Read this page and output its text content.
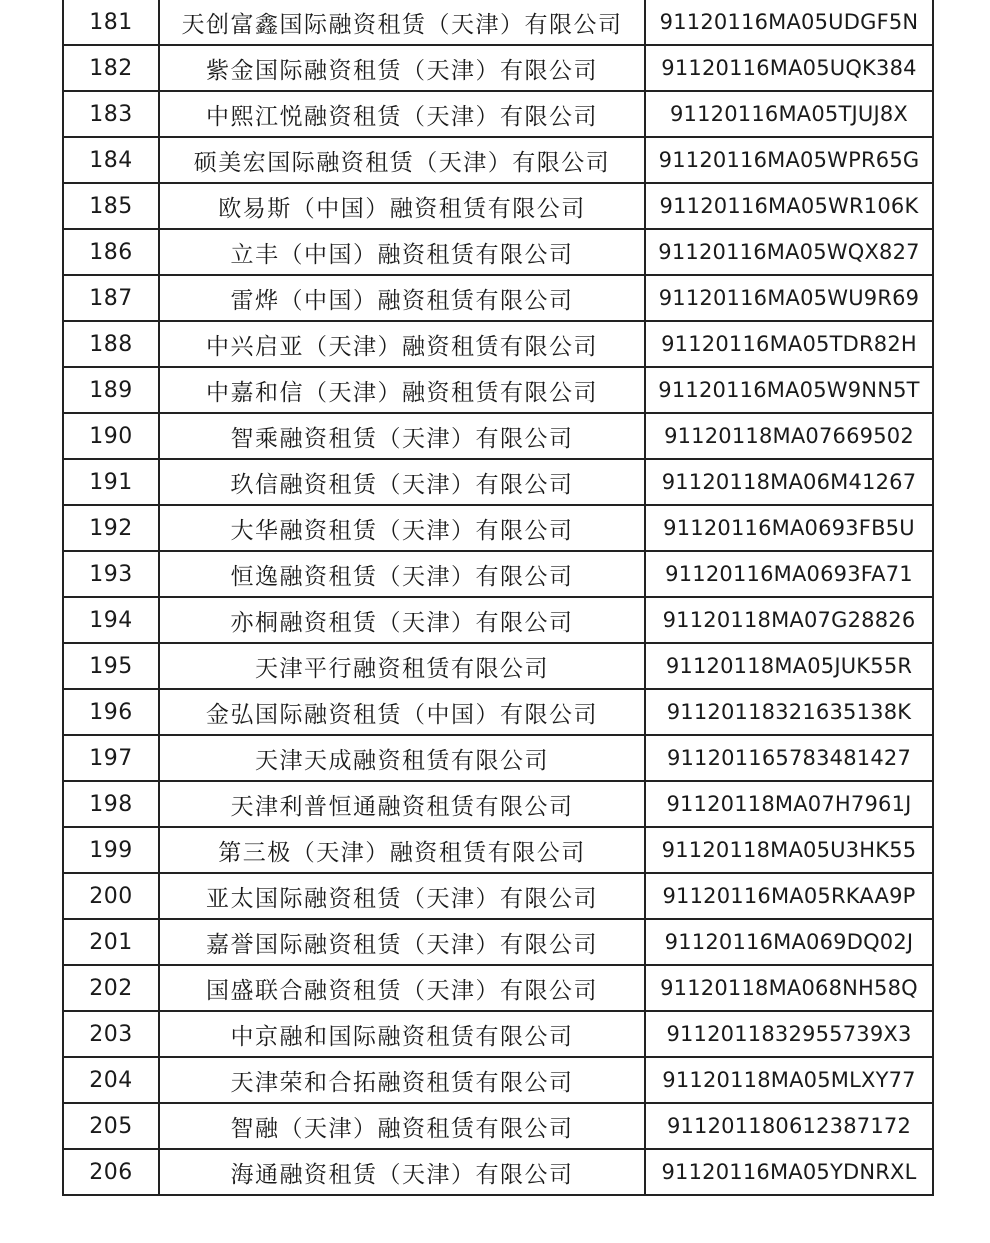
181	天创富鑫国际融资租赁（天津）有限公司	91120116MA05UDGF5N
182	紫金国际融资租赁（天津）有限公司	91120116MA05UQK384
183	中熙江悦融资租赁（天津）有限公司	91120116MA05TJUJ8X
184	硕美宏国际融资租赁（天津）有限公司	91120116MA05WPR65G
185	欧易斯（中国）融资租赁有限公司	91120116MA05WR106K
186	立丰（中国）融资租赁有限公司	91120116MA05WQX827
187	雷烨（中国）融资租赁有限公司	91120116MA05WU9R69
188	中兴启亚（天津）融资租赁有限公司	91120116MA05TDR82H
189	中嘉和信（天津）融资租赁有限公司	91120116MA05W9NN5T
190	智乘融资租赁（天津）有限公司	91120118MA07669502
191	玖信融资租赁（天津）有限公司	91120118MA06M41267
192	大华融资租赁（天津）有限公司	91120116MA0693FB5U
193	恒逸融资租赁（天津）有限公司	91120116MA0693FA71
194	亦桐融资租赁（天津）有限公司	91120118MA07G28826
195	天津平行融资租赁有限公司	91120118MA05JUK55R
196	金弘国际融资租赁（中国）有限公司	91120118321635138K
197	天津天成融资租赁有限公司	911201165783481427
198	天津利普恒通融资租赁有限公司	91120118MA07H7961J
199	第三极（天津）融资租赁有限公司	91120118MA05U3HK55
200	亚太国际融资租赁（天津）有限公司	91120116MA05RKAA9P
201	嘉誉国际融资租赁（天津）有限公司	91120116MA069DQ02J
202	国盛联合融资租赁（天津）有限公司	91120118MA068NH58Q
203	中京融和国际融资租赁有限公司	9112011832955739X3
204	天津荣和合拓融资租赁有限公司	91120118MA05MLXY77
205	智融（天津）融资租赁有限公司	911201180612387172
206	海通融资租赁（天津）有限公司	91120116MA05YDNRXL
